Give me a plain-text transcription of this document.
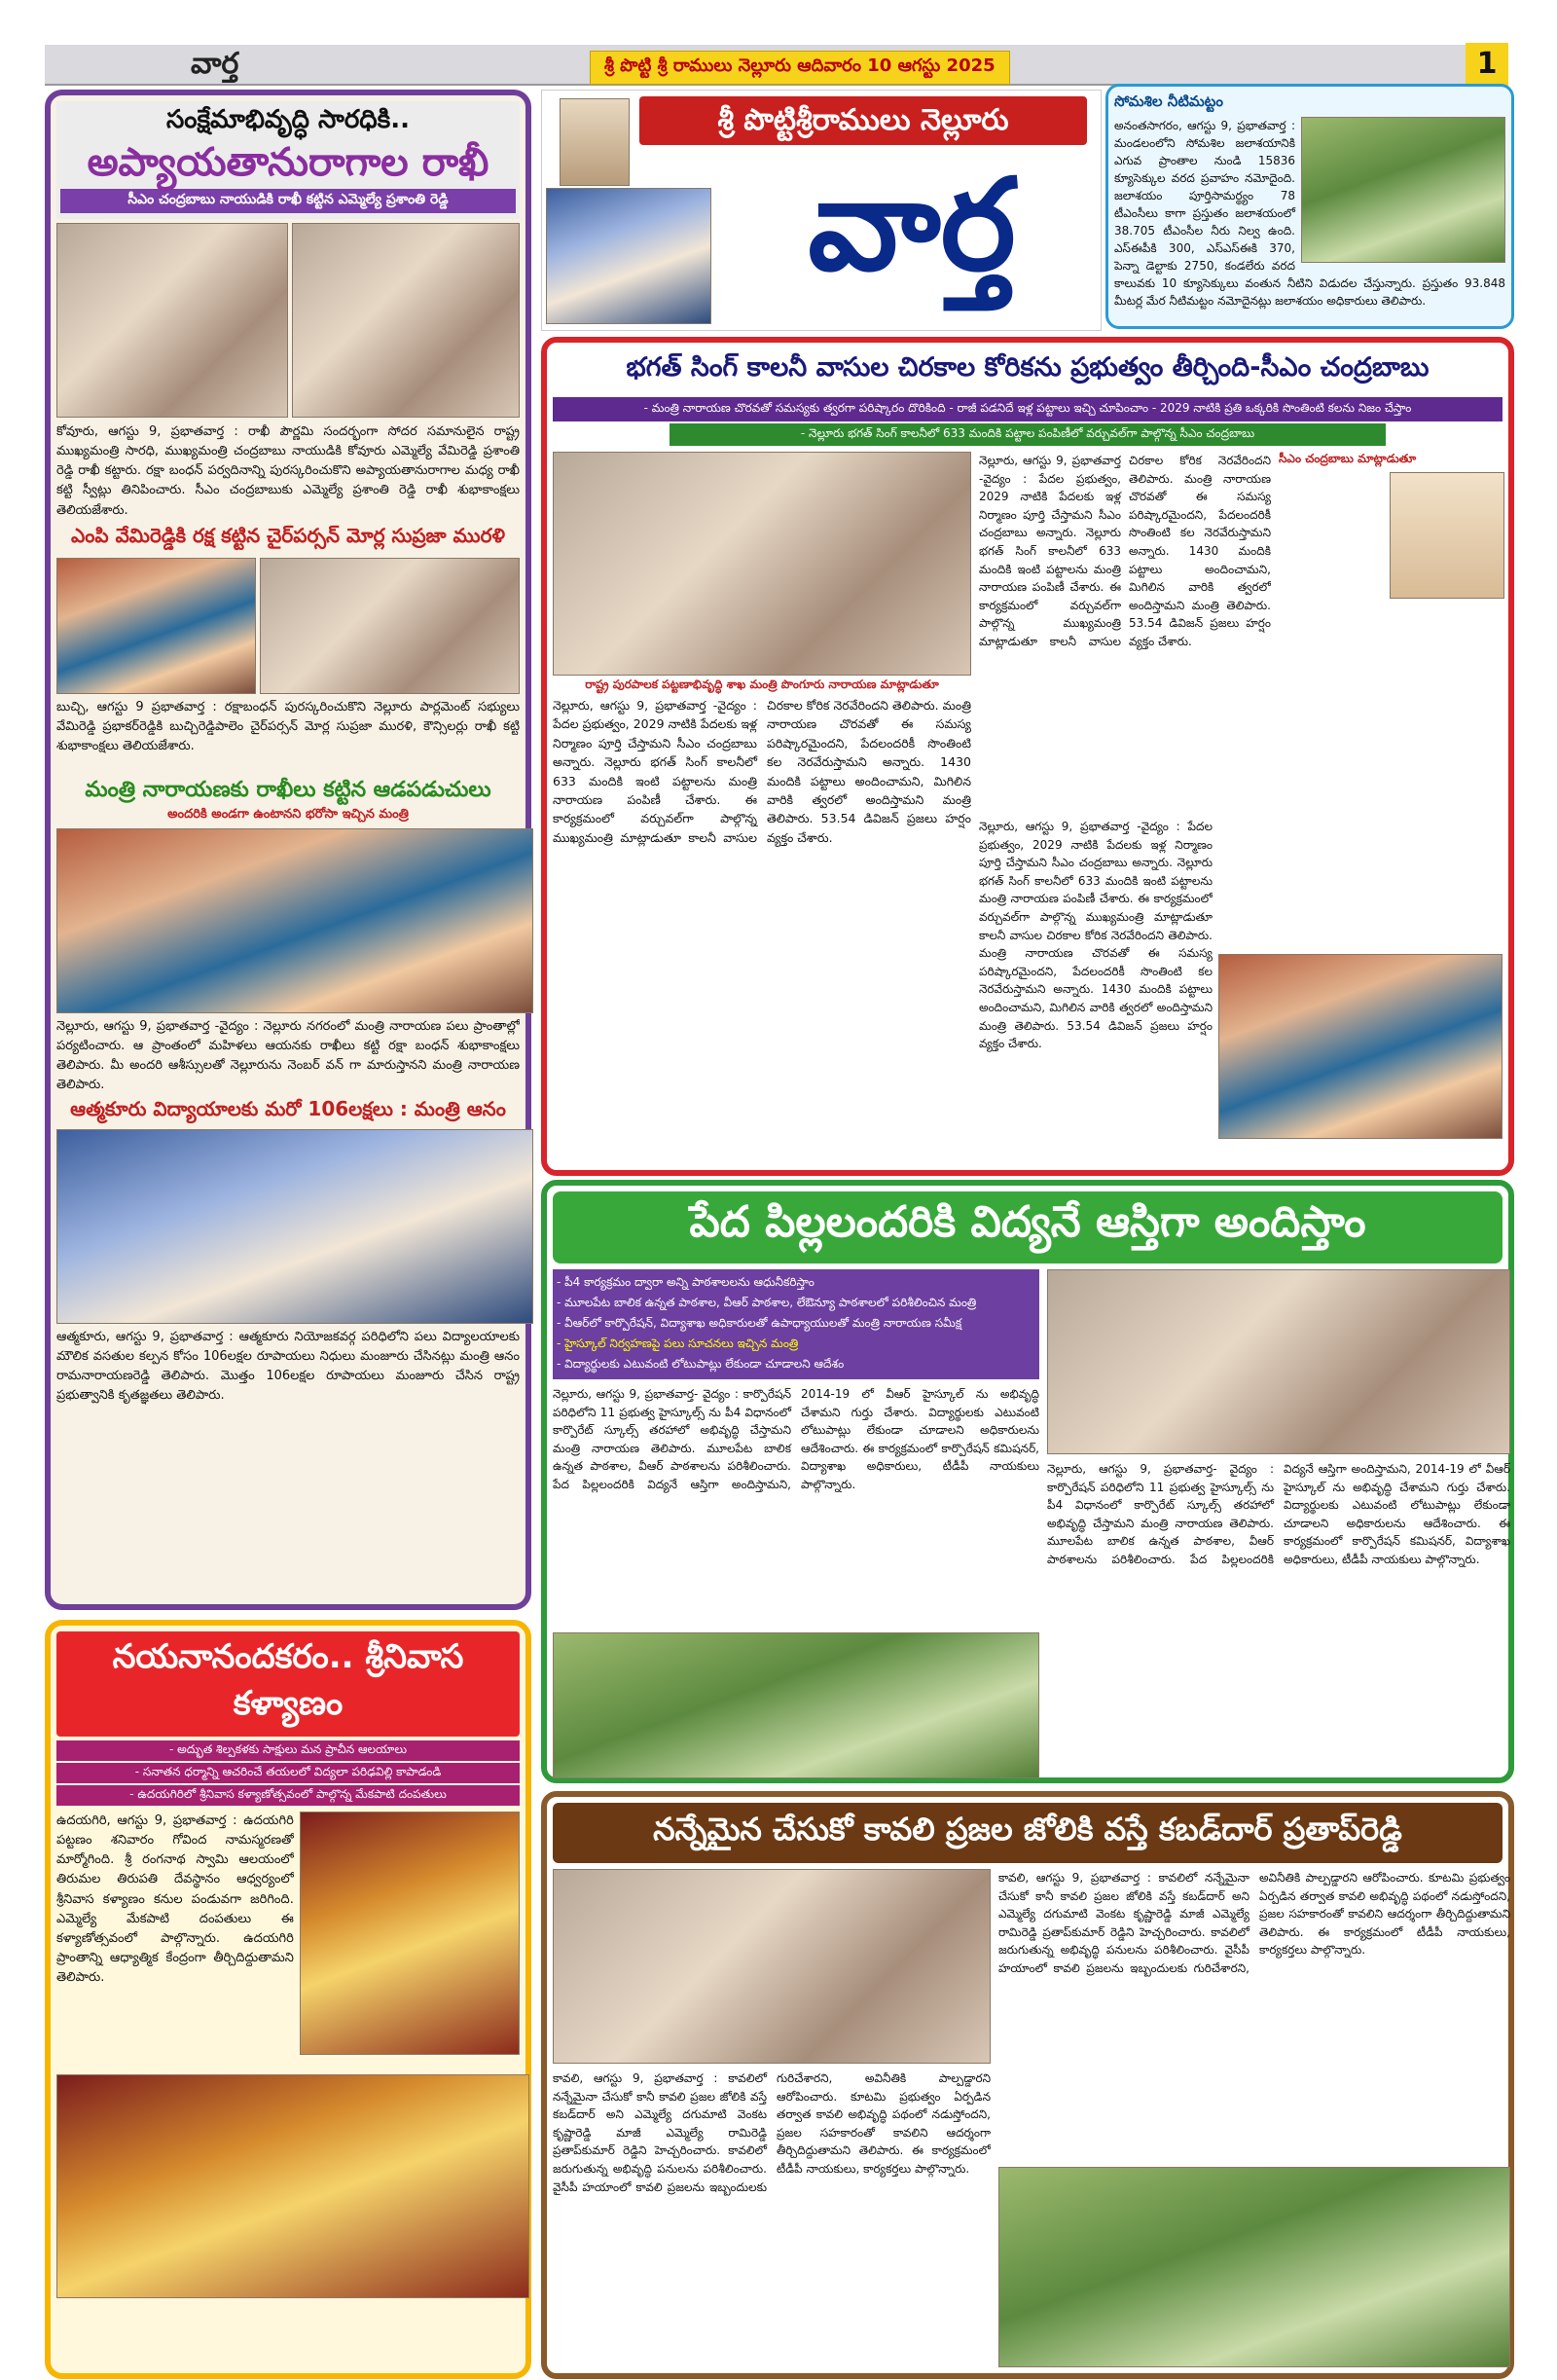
వార్త	శ్రీ పొట్టి శ్రీ రాములు నెల్లూరు ఆదివారం 10 ఆగస్టు 2025	1
సంక్షేమాభివృద్ధి సారధికి..
అప్యాయతానురాగాల రాఖీ
సీఎం చంద్రబాబు నాయుడికి రాఖీ కట్టిన ఎమ్మెల్యే ప్రశాంతి రెడ్డి
కోవూరు, ఆగస్టు 9, ప్రభాతవార్త : రాఖీ పౌర్ణమి సందర్భంగా సోదర సమానులైన రాష్ట్ర ముఖ్యమంత్రి సారధి, ముఖ్యమంత్రి చంద్రబాబు నాయుడికి కోవూరు ఎమ్మెల్యే వేమిరెడ్డి ప్రశాంతి రెడ్డి రాఖీ కట్టారు. రక్షా బంధన్ పర్వదినాన్ని పురస్కరించుకొని అప్యాయతానురాగాల మధ్య రాఖీ కట్టి స్వీట్లు తినిపించారు. సీఎం చంద్రబాబుకు ఎమ్మెల్యే ప్రశాంతి రెడ్డి రాఖీ శుభాకాంక్షలు తెలియజేశారు.
ఎంపి వేమిరెడ్డికి రక్ష కట్టిన చైర్‌పర్సన్ మోర్ల సుప్రజా మురళి
బుచ్చి, ఆగస్టు 9 ప్రభాతవార్త : రక్షాబంధన్ పురస్కరించుకొని నెల్లూరు పార్లమెంట్ సభ్యులు వేమిరెడ్డి ప్రభాకర్‌రెడ్డికి బుచ్చిరెడ్డిపాలెం చైర్‌పర్సన్ మోర్ల సుప్రజా మురళి, కౌన్సిలర్లు రాఖీ కట్టి శుభాకాంక్షలు తెలియజేశారు.
మంత్రి నారాయణకు రాఖీలు కట్టిన ఆడపడుచులు
అందరికి అండగా ఉంటానని భరోసా ఇచ్చిన మంత్రి
నెల్లూరు, ఆగస్టు 9, ప్రభాతవార్త -వైద్యం : నెల్లూరు నగరంలో మంత్రి నారాయణ పలు ప్రాంతాల్లో పర్యటించారు. ఆ ప్రాంతంలో మహిళలు ఆయనకు రాఖీలు కట్టి రక్షా బంధన్ శుభాకాంక్షలు తెలిపారు. మీ అందరి ఆశీస్సులతో నెల్లూరును నెంబర్ వన్ గా మారుస్తానని మంత్రి నారాయణ తెలిపారు.
ఆత్మకూరు విద్యాయాలకు మరో 106లక్షలు : మంత్రి ఆనం
ఆత్మకూరు, ఆగస్టు 9, ప్రభాతవార్త : ఆత్మకూరు నియోజకవర్గ పరిధిలోని పలు విద్యాలయాలకు మౌలిక వసతుల కల్పన కోసం 106లక్షల రూపాయలు నిధులు మంజూరు చేసినట్లు మంత్రి ఆనం రామనారాయణరెడ్డి తెలిపారు. మొత్తం 106లక్షల రూపాయలు మంజూరు చేసిన రాష్ట్ర ప్రభుత్వానికి కృతజ్ఞతలు తెలిపారు.
నయనానందకరం.. శ్రీనివాస కళ్యాణం
- అద్భుత శిల్పకళకు సాక్షులు మన ప్రాచీన ఆలయాలు
- సనాతన ధర్మాన్ని ఆచరించే తయలలో విద్యలా పరిఢవిల్లి కాపాడండి
- ఉదయగిరిలో శ్రీనివాస కళ్యాణోత్సవంలో పాల్గొన్న మేకపాటి దంపతులు
ఉదయగిరి, ఆగస్టు 9, ప్రభాతవార్త : ఉదయగిరి పట్టణం శనివారం గోవింద నామస్మరణతో మార్మోగింది. శ్రీ రంగనాథ స్వామి ఆలయంలో తిరుమల తిరుపతి దేవస్థానం ఆధ్వర్యంలో శ్రీనివాస కళ్యాణం కనుల పండువగా జరిగింది. ఎమ్మెల్యే మేకపాటి దంపతులు ఈ కళ్యాణోత్సవంలో పాల్గొన్నారు. ఉదయగిరి ప్రాంతాన్ని ఆధ్యాత్మిక కేంద్రంగా తీర్చిదిద్దుతామని తెలిపారు.
శ్రీ పొట్టిశ్రీరాములు నెల్లూరు
వార్త
సోమశిల నీటిమట్టం
అనంతసాగరం, ఆగస్టు 9, ప్రభాతవార్త : మండలంలోని సోమశిల జలాశయానికి ఎగువ ప్రాంతాల నుండి 15836 క్యూసెక్కుల వరద ప్రవాహం నమోదైంది. జలాశయం పూర్తిసామర్థ్యం 78 టీఎంసీలు కాగా ప్రస్తుతం జలాశయంలో 38.705 టీఎంసీల నీరు నిల్వ ఉంది. ఎస్ఈపీకి 300, ఎస్ఎస్ఈకి 370, పెన్నా డెల్టాకు 2750, కండలేరు వరద కాలువకు 10 క్యూసెక్కులు వంతున నీటిని విడుదల చేస్తున్నారు. ప్రస్తుతం 93.848 మీటర్ల మేర నీటిమట్టం నమోదైనట్లు జలాశయం అధికారులు తెలిపారు.
భగత్ సింగ్ కాలనీ వాసుల చిరకాల కోరికను ప్రభుత్వం తీర్చింది-సీఎం చంద్రబాబు
- మంత్రి నారాయణ చొరవతో సమస్యకు త్వరగా పరిష్కారం దొరికింది - రాజీ పడనిదే ఇళ్ల పట్టాలు ఇచ్చి చూపించాం - 2029 నాటికి ప్రతి ఒక్కరికి సొంతింటి కలను నిజం చేస్తాం
- నెల్లూరు భగత్ సింగ్ కాలనీలో 633 మందికి పట్టాల పంపిణీలో వర్చువల్‌గా పాల్గొన్న సీఎం చంద్రబాబు
రాష్ట్ర పురపాలక పట్టణాభివృద్ధి శాఖ మంత్రి పొంగూరు నారాయణ మాట్లాడుతూ
నెల్లూరు, ఆగస్టు 9, ప్రభాతవార్త -వైద్యం : పేదల ప్రభుత్వం, 2029 నాటికి పేదలకు ఇళ్ల నిర్మాణం పూర్తి చేస్తామని సీఎం చంద్రబాబు అన్నారు. నెల్లూరు భగత్ సింగ్ కాలనీలో 633 మందికి ఇంటి పట్టాలను మంత్రి నారాయణ పంపిణీ చేశారు. ఈ కార్యక్రమంలో వర్చువల్‌గా పాల్గొన్న ముఖ్యమంత్రి మాట్లాడుతూ కాలనీ వాసుల చిరకాల కోరిక నెరవేరిందని తెలిపారు. మంత్రి నారాయణ చొరవతో ఈ సమస్య పరిష్కారమైందని, పేదలందరికీ సొంతింటి కల నెరవేరుస్తామని అన్నారు. 1430 మందికి పట్టాలు అందించామని, మిగిలిన వారికి త్వరలో అందిస్తామని మంత్రి తెలిపారు. 53.54 డివిజన్ ప్రజలు హర్షం వ్యక్తం చేశారు.
నెల్లూరు, ఆగస్టు 9, ప్రభాతవార్త -వైద్యం : పేదల ప్రభుత్వం, 2029 నాటికి పేదలకు ఇళ్ల నిర్మాణం పూర్తి చేస్తామని సీఎం చంద్రబాబు అన్నారు. నెల్లూరు భగత్ సింగ్ కాలనీలో 633 మందికి ఇంటి పట్టాలను మంత్రి నారాయణ పంపిణీ చేశారు. ఈ కార్యక్రమంలో వర్చువల్‌గా పాల్గొన్న ముఖ్యమంత్రి మాట్లాడుతూ కాలనీ వాసుల చిరకాల కోరిక నెరవేరిందని తెలిపారు. మంత్రి నారాయణ చొరవతో ఈ సమస్య పరిష్కారమైందని, పేదలందరికీ సొంతింటి కల నెరవేరుస్తామని అన్నారు. 1430 మందికి పట్టాలు అందించామని, మిగిలిన వారికి త్వరలో అందిస్తామని మంత్రి తెలిపారు. 53.54 డివిజన్ ప్రజలు హర్షం వ్యక్తం చేశారు.
సీఎం చంద్రబాబు మాట్లాడుతూ
నెల్లూరు, ఆగస్టు 9, ప్రభాతవార్త -వైద్యం : పేదల ప్రభుత్వం, 2029 నాటికి పేదలకు ఇళ్ల నిర్మాణం పూర్తి చేస్తామని సీఎం చంద్రబాబు అన్నారు. నెల్లూరు భగత్ సింగ్ కాలనీలో 633 మందికి ఇంటి పట్టాలను మంత్రి నారాయణ పంపిణీ చేశారు. ఈ కార్యక్రమంలో వర్చువల్‌గా పాల్గొన్న ముఖ్యమంత్రి మాట్లాడుతూ కాలనీ వాసుల చిరకాల కోరిక నెరవేరిందని తెలిపారు. మంత్రి నారాయణ చొరవతో ఈ సమస్య పరిష్కారమైందని, పేదలందరికీ సొంతింటి కల నెరవేరుస్తామని అన్నారు. 1430 మందికి పట్టాలు అందించామని, మిగిలిన వారికి త్వరలో అందిస్తామని మంత్రి తెలిపారు. 53.54 డివిజన్ ప్రజలు హర్షం వ్యక్తం చేశారు.
పేద పిల్లలందరికి విద్యనే ఆస్తిగా అందిస్తాం
- పీ4 కార్యక్రమం ద్వారా అన్ని పాఠశాలలను ఆధునీకరిస్తాం
- మూలపేట బాలిక ఉన్నత పాఠశాల, వీఆర్ పాఠశాల, లేఔన్యూ పాఠశాలలో పరిశీలించిన మంత్రి
- వీఆర్‌లో కార్పొరేషన్, విద్యాశాఖ అధికారులతో ఉపాధ్యాయులతో మంత్రి నారాయణ సమీక్ష
- హైస్కూల్ నిర్వహణపై పలు సూచనలు ఇచ్చిన మంత్రి
- విద్యార్థులకు ఎటువంటి లోటుపాట్లు లేకుండా చూడాలని ఆదేశం
నెల్లూరు, ఆగస్టు 9, ప్రభాతవార్త- వైద్యం : కార్పొరేషన్ పరిధిలోని 11 ప్రభుత్వ హైస్కూల్స్ ను పీ4 విధానంలో కార్పొరేట్ స్కూల్స్ తరహాలో అభివృద్ధి చేస్తామని మంత్రి నారాయణ తెలిపారు. మూలపేట బాలిక ఉన్నత పాఠశాల, వీఆర్ పాఠశాలను పరిశీలించారు. పేద పిల్లలందరికి విద్యనే ఆస్తిగా అందిస్తామని, 2014-19 లో వీఆర్ హైస్కూల్ ను అభివృద్ధి చేశామని గుర్తు చేశారు. విద్యార్థులకు ఎటువంటి లోటుపాట్లు లేకుండా చూడాలని అధికారులను ఆదేశించారు. ఈ కార్యక్రమంలో కార్పొరేషన్ కమిషనర్, విద్యాశాఖ అధికారులు, టీడీపీ నాయకులు పాల్గొన్నారు.
నెల్లూరు, ఆగస్టు 9, ప్రభాతవార్త- వైద్యం : కార్పొరేషన్ పరిధిలోని 11 ప్రభుత్వ హైస్కూల్స్ ను పీ4 విధానంలో కార్పొరేట్ స్కూల్స్ తరహాలో అభివృద్ధి చేస్తామని మంత్రి నారాయణ తెలిపారు. మూలపేట బాలిక ఉన్నత పాఠశాల, వీఆర్ పాఠశాలను పరిశీలించారు. పేద పిల్లలందరికి విద్యనే ఆస్తిగా అందిస్తామని, 2014-19 లో వీఆర్ హైస్కూల్ ను అభివృద్ధి చేశామని గుర్తు చేశారు. విద్యార్థులకు ఎటువంటి లోటుపాట్లు లేకుండా చూడాలని అధికారులను ఆదేశించారు. ఈ కార్యక్రమంలో కార్పొరేషన్ కమిషనర్, విద్యాశాఖ అధికారులు, టీడీపీ నాయకులు పాల్గొన్నారు.
నన్నేమైన చేసుకో కావలి ప్రజల జోలికి వస్తే కబడ్‌దార్ ప్రతాప్‌రెడ్డి
కావలి, ఆగస్టు 9, ప్రభాతవార్త : కావలిలో నన్నేమైనా చేసుకో కానీ కావలి ప్రజల జోలికి వస్తే కబడ్‌దార్ అని ఎమ్మెల్యే దగుమాటి వెంకట కృష్ణారెడ్డి మాజీ ఎమ్మెల్యే రామిరెడ్డి ప్రతాప్‌కుమార్ రెడ్డిని హెచ్చరించారు. కావలిలో జరుగుతున్న అభివృద్ధి పనులను పరిశీలించారు. వైసీపీ హయాంలో కావలి ప్రజలను ఇబ్బందులకు గురిచేశారని, అవినీతికి పాల్పడ్డారని ఆరోపించారు. కూటమి ప్రభుత్వం ఏర్పడిన తర్వాత కావలి అభివృద్ధి పథంలో నడుస్తోందని, ప్రజల సహకారంతో కావలిని ఆదర్శంగా తీర్చిదిద్దుతామని తెలిపారు. ఈ కార్యక్రమంలో టీడీపీ నాయకులు, కార్యకర్తలు పాల్గొన్నారు.
కావలి, ఆగస్టు 9, ప్రభాతవార్త : కావలిలో నన్నేమైనా చేసుకో కానీ కావలి ప్రజల జోలికి వస్తే కబడ్‌దార్ అని ఎమ్మెల్యే దగుమాటి వెంకట కృష్ణారెడ్డి మాజీ ఎమ్మెల్యే రామిరెడ్డి ప్రతాప్‌కుమార్ రెడ్డిని హెచ్చరించారు. కావలిలో జరుగుతున్న అభివృద్ధి పనులను పరిశీలించారు. వైసీపీ హయాంలో కావలి ప్రజలను ఇబ్బందులకు గురిచేశారని, అవినీతికి పాల్పడ్డారని ఆరోపించారు. కూటమి ప్రభుత్వం ఏర్పడిన తర్వాత కావలి అభివృద్ధి పథంలో నడుస్తోందని, ప్రజల సహకారంతో కావలిని ఆదర్శంగా తీర్చిదిద్దుతామని తెలిపారు. ఈ కార్యక్రమంలో టీడీపీ నాయకులు, కార్యకర్తలు పాల్గొన్నారు.
